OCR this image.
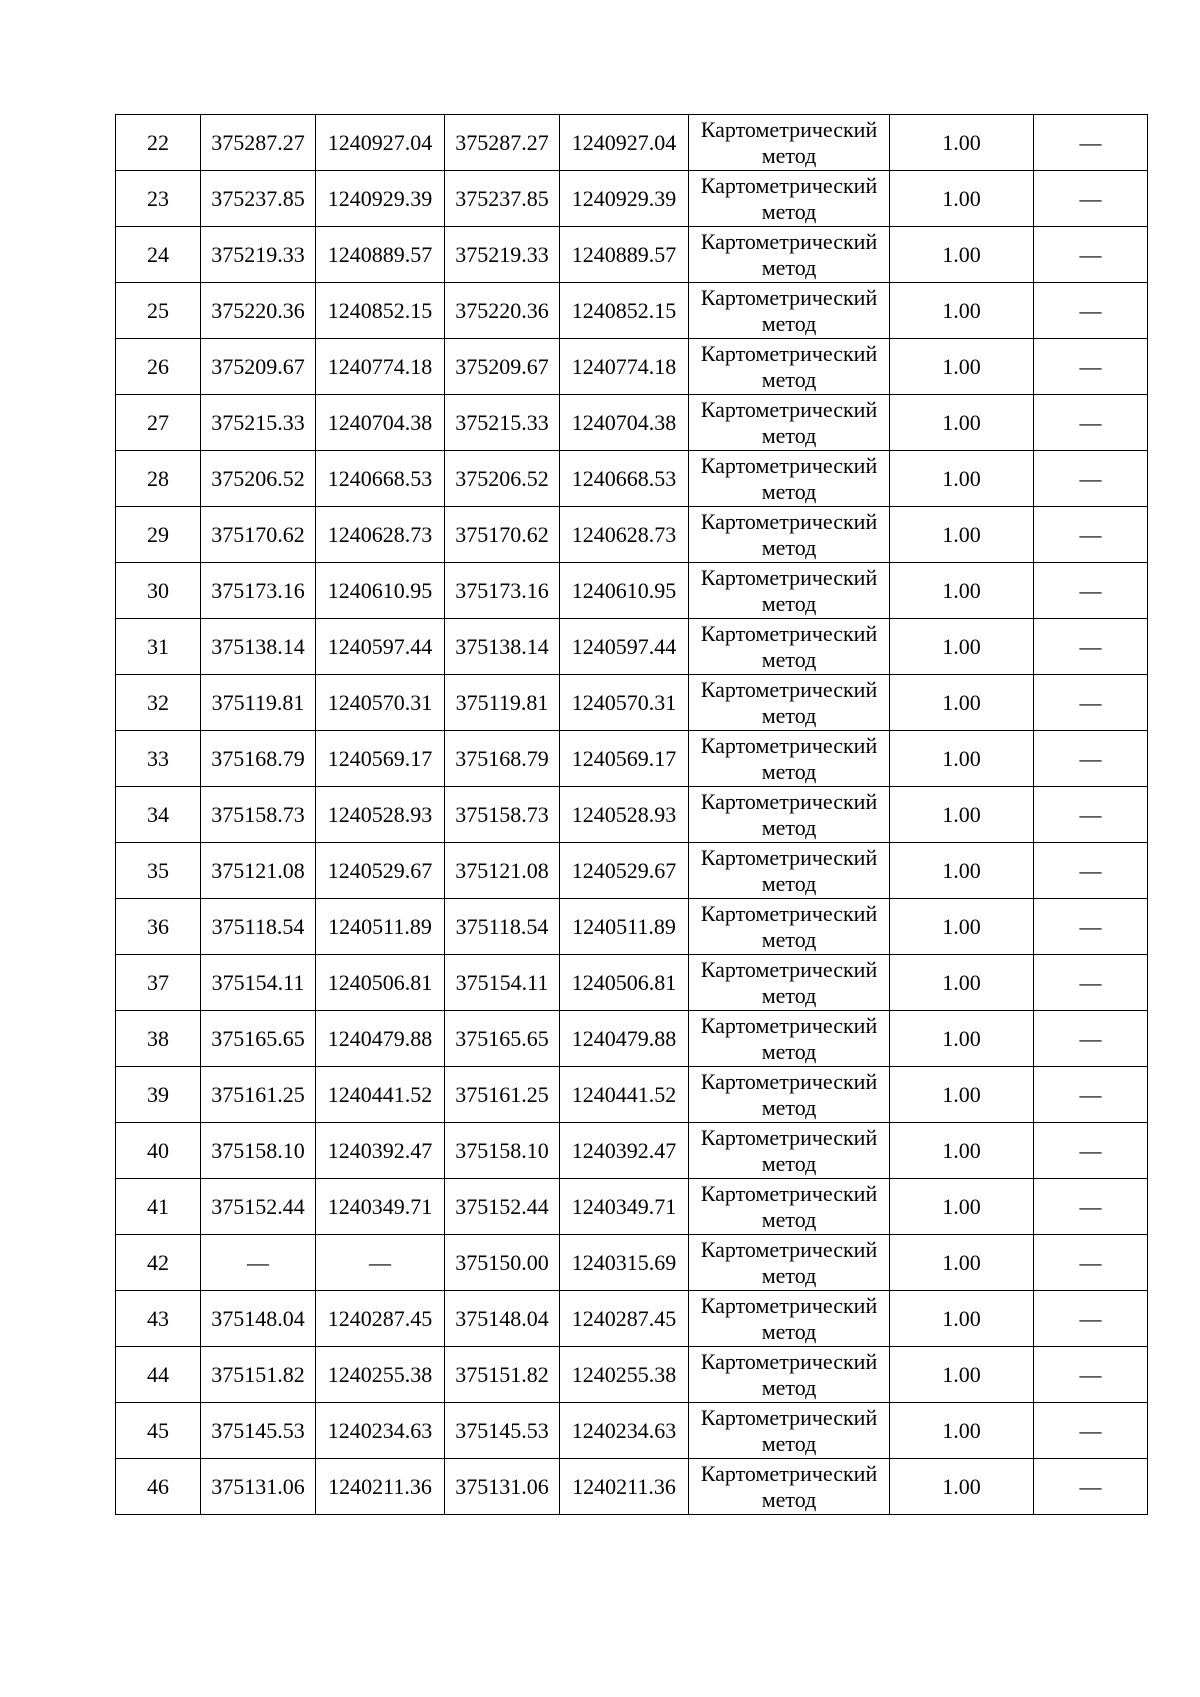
22	375287.27	1240927.04	375287.27	1240927.04	Картометрический
метод	1.00	—
23	375237.85	1240929.39	375237.85	1240929.39	Картометрический
метод	1.00	—
24	375219.33	1240889.57	375219.33	1240889.57	Картометрический
метод	1.00	—
25	375220.36	1240852.15	375220.36	1240852.15	Картометрический
метод	1.00	—
26	375209.67	1240774.18	375209.67	1240774.18	Картометрический
метод	1.00	—
27	375215.33	1240704.38	375215.33	1240704.38	Картометрический
метод	1.00	—
28	375206.52	1240668.53	375206.52	1240668.53	Картометрический
метод	1.00	—
29	375170.62	1240628.73	375170.62	1240628.73	Картометрический
метод	1.00	—
30	375173.16	1240610.95	375173.16	1240610.95	Картометрический
метод	1.00	—
31	375138.14	1240597.44	375138.14	1240597.44	Картометрический
метод	1.00	—
32	375119.81	1240570.31	375119.81	1240570.31	Картометрический
метод	1.00	—
33	375168.79	1240569.17	375168.79	1240569.17	Картометрический
метод	1.00	—
34	375158.73	1240528.93	375158.73	1240528.93	Картометрический
метод	1.00	—
35	375121.08	1240529.67	375121.08	1240529.67	Картометрический
метод	1.00	—
36	375118.54	1240511.89	375118.54	1240511.89	Картометрический
метод	1.00	—
37	375154.11	1240506.81	375154.11	1240506.81	Картометрический
метод	1.00	—
38	375165.65	1240479.88	375165.65	1240479.88	Картометрический
метод	1.00	—
39	375161.25	1240441.52	375161.25	1240441.52	Картометрический
метод	1.00	—
40	375158.10	1240392.47	375158.10	1240392.47	Картометрический
метод	1.00	—
41	375152.44	1240349.71	375152.44	1240349.71	Картометрический
метод	1.00	—
42	—	—	375150.00	1240315.69	Картометрический
метод	1.00	—
43	375148.04	1240287.45	375148.04	1240287.45	Картометрический
метод	1.00	—
44	375151.82	1240255.38	375151.82	1240255.38	Картометрический
метод	1.00	—
45	375145.53	1240234.63	375145.53	1240234.63	Картометрический
метод	1.00	—
46	375131.06	1240211.36	375131.06	1240211.36	Картометрический
метод	1.00	—
